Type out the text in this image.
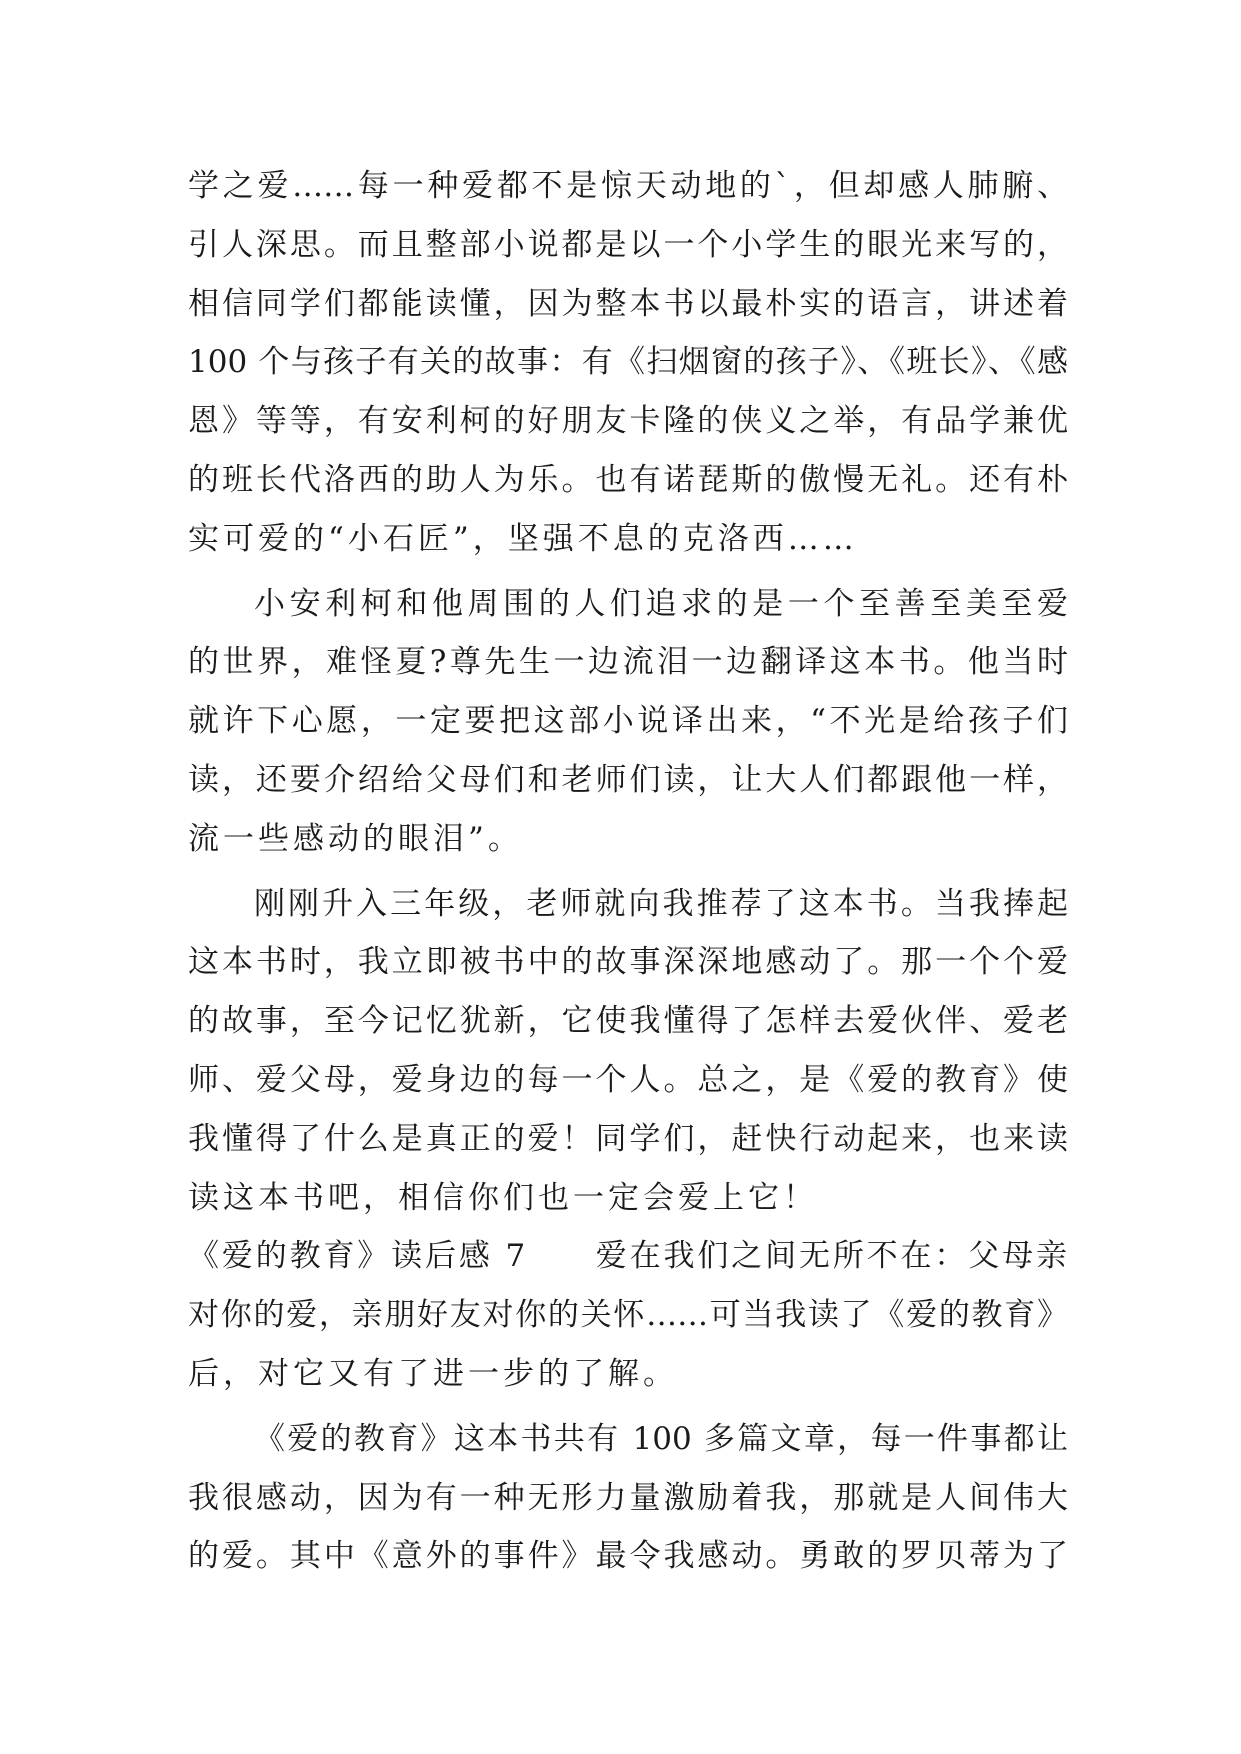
学之爱……每一种爱都不是惊天动地的`，但却感人肺腑、
引人深思。而且整部小说都是以一个小学生的眼光来写的，
相信同学们都能读懂，因为整本书以最朴实的语言，讲述着
100 个与孩子有关的故事：有《扫烟窗的孩子》、《班长》、《感
恩》等等，有安利柯的好朋友卡隆的侠义之举，有品学兼优
的班长代洛西的助人为乐。也有诺琵斯的傲慢无礼。还有朴
实可爱的“小石匠”，坚强不息的克洛西……
小安利柯和他周围的人们追求的是一个至善至美至爱
的世界，难怪夏?尊先生一边流泪一边翻译这本书。他当时
就许下心愿，一定要把这部小说译出来，“不光是给孩子们
读，还要介绍给父母们和老师们读，让大人们都跟他一样，
流一些感动的眼泪”。
刚刚升入三年级，老师就向我推荐了这本书。当我捧起
这本书时，我立即被书中的故事深深地感动了。那一个个爱
的故事，至今记忆犹新，它使我懂得了怎样去爱伙伴、爱老
师、爱父母，爱身边的每一个人。总之，是《爱的教育》使
我懂得了什么是真正的爱！同学们，赶快行动起来，也来读
读这本书吧，相信你们也一定会爱上它！
《爱的教育》读后感 7　　爱在我们之间无所不在：父母亲
对你的爱，亲朋好友对你的关怀……可当我读了《爱的教育》
后，对它又有了进一步的了解。
《爱的教育》这本书共有 100 多篇文章，每一件事都让
我很感动，因为有一种无形力量激励着我，那就是人间伟大
的爱。其中《意外的事件》最令我感动。勇敢的罗贝蒂为了
